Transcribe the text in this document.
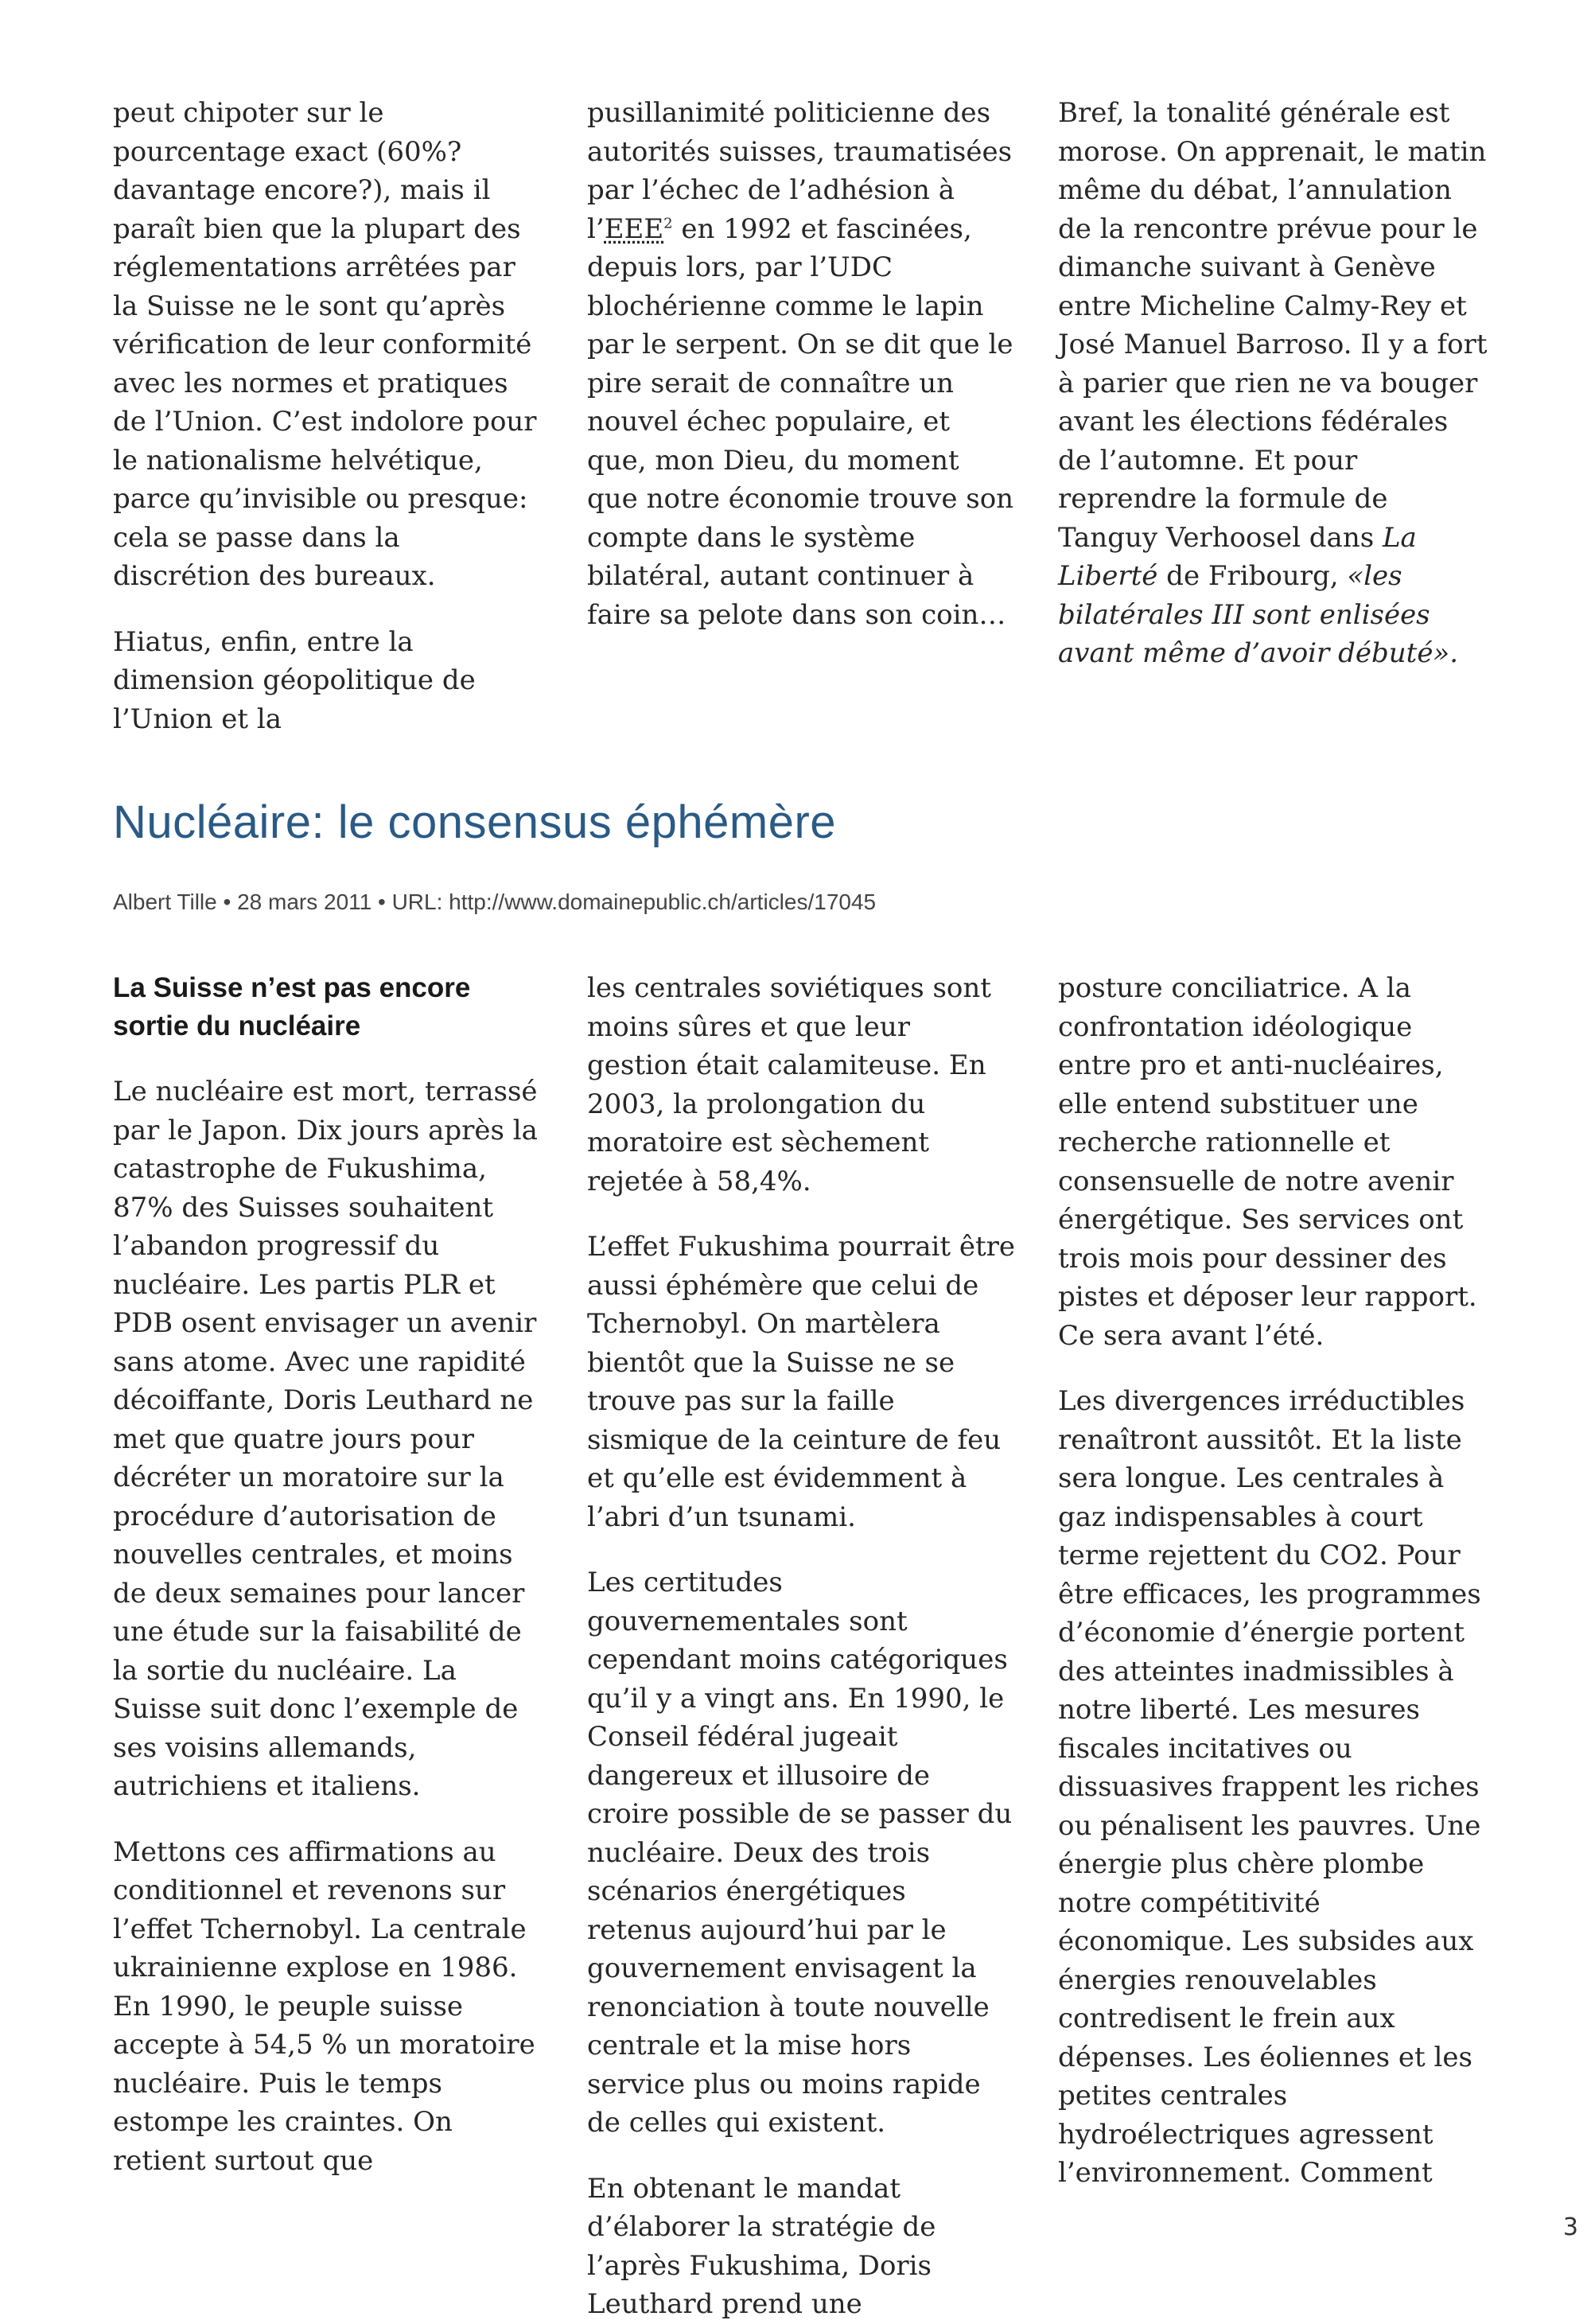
peut chipoter sur le pourcentage exact (60%? davantage encore?), mais il paraît bien que la plupart des réglementations arrêtées par la Suisse ne le sont qu’après vérification de leur conformité avec les normes et pratiques de l’Union. C’est indolore pour le nationalisme helvétique, parce qu’invisible ou presque: cela se passe dans la discrétion des bureaux.

Hiatus, enfin, entre la dimension géopolitique de l’Union et la

pusillanimité politicienne des autorités suisses, traumatisées par l’échec de l’adhésion à l’EEE$^2$ en 1992 et fascinées, depuis lors, par l’UDC blochérienne comme le lapin par le serpent. On se dit que le pire serait de connaître un nouvel échec populaire, et que, mon Dieu, du moment que notre économie trouve son compte dans le système bilatéral, autant continuer à faire sa pelote dans son coin…

Bref, la tonalité générale est morose. On apprenait, le matin même du débat, l’annulation de la rencontre prévue pour le dimanche suivant à Genève entre Micheline Calmy-Rey et José Manuel Barroso. Il y a fort à parier que rien ne va bouger avant les élections fédérales de l’automne. Et pour reprendre la formule de Tanguy Verhoosel dans La Liberté de Fribourg, «les bilatérales III sont enlisées avant même d’avoir débuté».

Nucléaire: le consensus éphémère
Albert Tille • 28 mars 2011 • URL: http://www.domainepublic.ch/articles/17045
La Suisse n’est pas encore sortie du nucléaire

Le nucléaire est mort, terrassé par le Japon. Dix jours après la catastrophe de Fukushima, 87% des Suisses souhaitent l’abandon progressif du nucléaire. Les partis PLR et PDB osent envisager un avenir sans atome. Avec une rapidité décoiffante, Doris Leuthard ne met que quatre jours pour décréter un moratoire sur la procédure d’autorisation de nouvelles centrales, et moins de deux semaines pour lancer une étude sur la faisabilité de la sortie du nucléaire. La Suisse suit donc l’exemple de ses voisins allemands, autrichiens et italiens.

Mettons ces affirmations au conditionnel et revenons sur l’effet Tchernobyl. La centrale ukrainienne explose en 1986. En 1990, le peuple suisse accepte à 54,5 % un moratoire nucléaire. Puis le temps estompe les craintes. On retient surtout que

les centrales soviétiques sont moins sûres et que leur gestion était calamiteuse. En 2003, la prolongation du moratoire est sèchement rejetée à 58,4%.

L’effet Fukushima pourrait être aussi éphémère que celui de Tchernobyl. On martèlera bientôt que la Suisse ne se trouve pas sur la faille sismique de la ceinture de feu et qu’elle est évidemment à l’abri d’un tsunami.

Les certitudes gouvernementales sont cependant moins catégoriques qu’il y a vingt ans. En 1990, le Conseil fédéral jugeait dangereux et illusoire de croire possible de se passer du nucléaire. Deux des trois scénarios énergétiques retenus aujourd’hui par le gouvernement envisagent la renonciation à toute nouvelle centrale et la mise hors service plus ou moins rapide de celles qui existent.

En obtenant le mandat d’élaborer la stratégie de l’après Fukushima, Doris Leuthard prend une

posture conciliatrice. A la confrontation idéologique entre pro et anti-nucléaires, elle entend substituer une recherche rationnelle et consensuelle de notre avenir énergétique. Ses services ont trois mois pour dessiner des pistes et déposer leur rapport. Ce sera avant l’été.

Les divergences irréductibles renaîtront aussitôt. Et la liste sera longue. Les centrales à gaz indispensables à court terme rejettent du CO2. Pour être efficaces, les programmes d’économie d’énergie portent des atteintes inadmissibles à notre liberté. Les mesures fiscales incitatives ou dissuasives frappent les riches ou pénalisent les pauvres. Une énergie plus chère plombe notre compétitivité économique. Les subsides aux énergies renouvelables contredisent le frein aux dépenses. Les éoliennes et les petites centrales hydroélectriques agressent l’environnement. Comment

3
